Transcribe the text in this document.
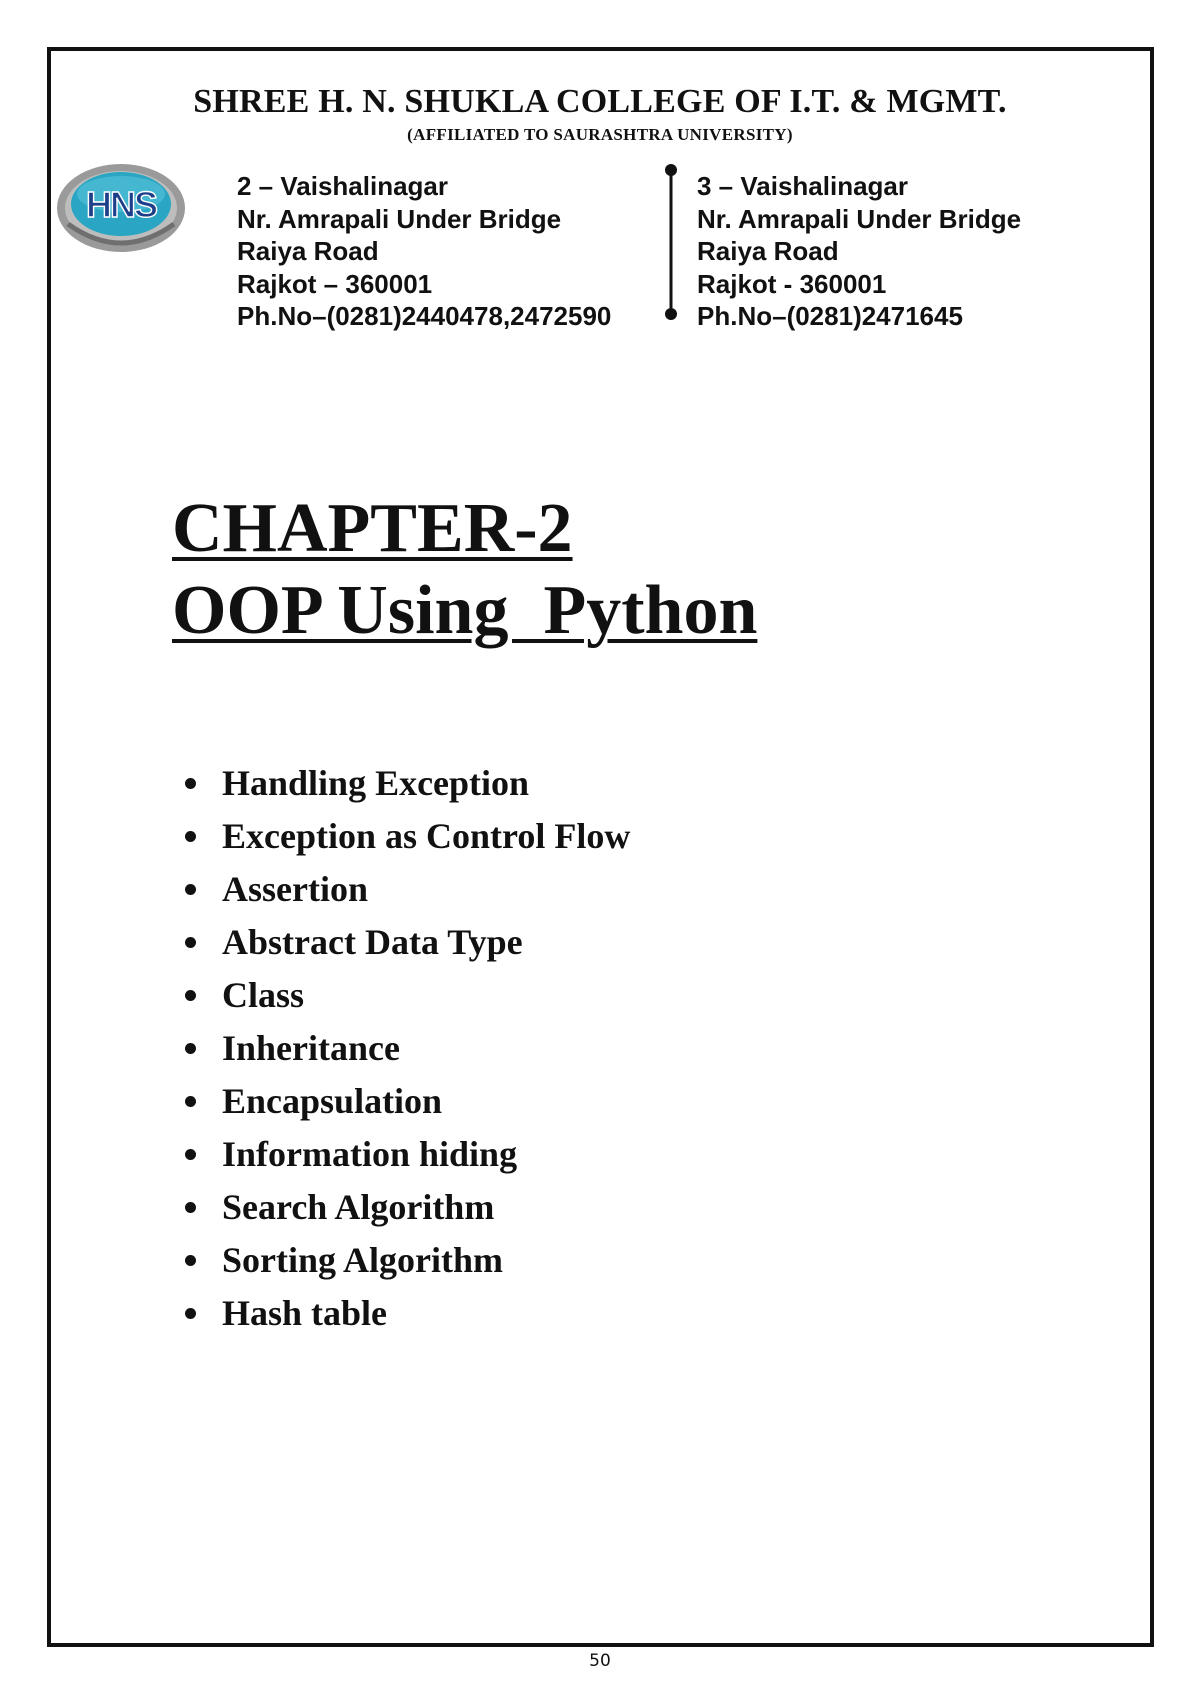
SHREE H. N. SHUKLA COLLEGE OF I.T. & MGMT.
(AFFILIATED TO SAURASHTRA UNIVERSITY)
HNS	2 – Vaishalinagar
Nr. Amrapali Under Bridge
Raiya Road
Rajkot – 360001
Ph.No–(0281)2440478,2472590
3 – Vaishalinagar
Nr. Amrapali Under Bridge
Raiya Road
Rajkot - 360001
Ph.No–(0281)2471645
CHAPTER-2
OOP Using  Python
Handling Exception
Exception as Control Flow
Assertion
Abstract Data Type
Class
Inheritance
Encapsulation
Information hiding
Search Algorithm
Sorting Algorithm
Hash table
50
